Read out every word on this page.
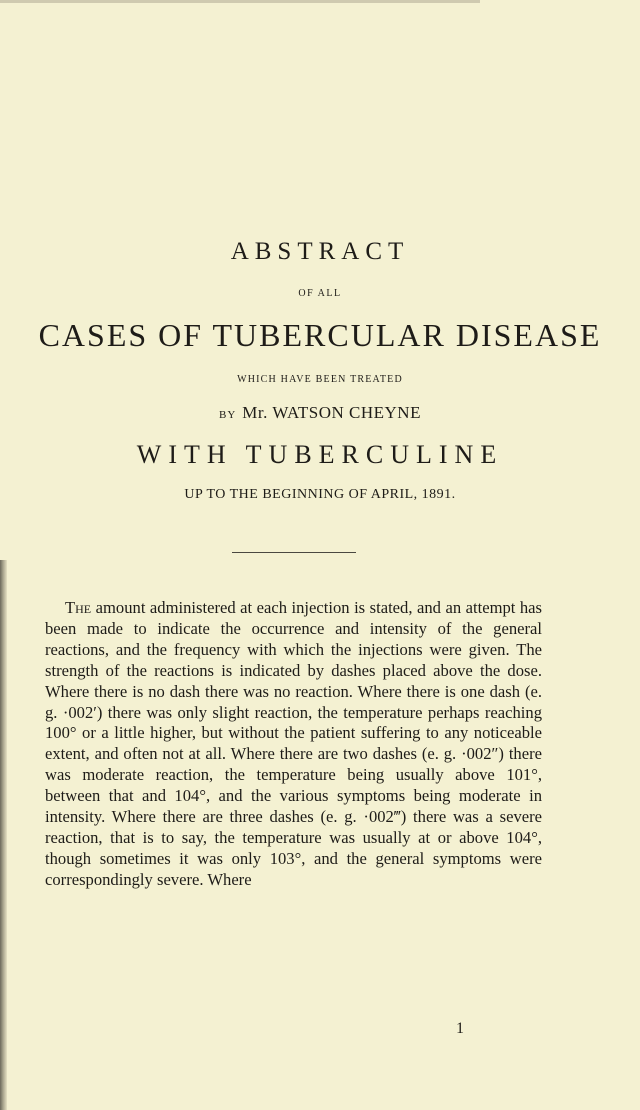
ABSTRACT
OF ALL
CASES OF TUBERCULAR DISEASE
WHICH HAVE BEEN TREATED
BY Mr. WATSON CHEYNE
WITH TUBERCULINE
UP TO THE BEGINNING OF APRIL, 1891.

The amount administered at each injection is stated, and an attempt has been made to indicate the occurrence and intensity of the general reactions, and the frequency with which the injections were given. The strength of the reactions is indicated by dashes placed above the dose. Where there is no dash there was no reaction. Where there is one dash (e. g. ·002′) there was only slight reaction, the temperature perhaps reaching 100° or a little higher, but without the patient suffering to any noticeable extent, and often not at all. Where there are two dashes (e. g. ·002″) there was moderate reaction, the temperature being usually above 101°, between that and 104°, and the various symptoms being moderate in intensity. Where there are three dashes (e. g. ·002‴) there was a severe reaction, that is to say, the temperature was usually at or above 104°, though sometimes it was only 103°, and the general symptoms were correspondingly severe. Where

1
